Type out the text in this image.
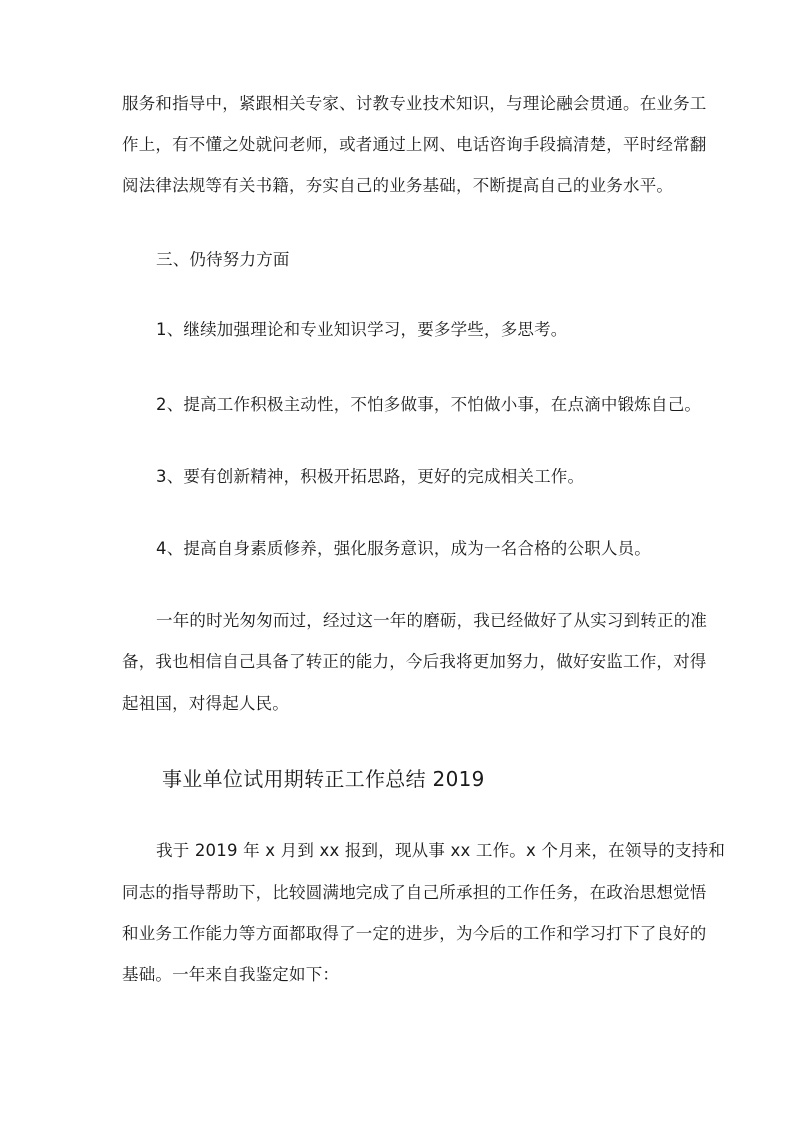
服务和指导中，紧跟相关专家、讨教专业技术知识，与理论融会贯通。在业务工
作上，有不懂之处就问老师，或者通过上网、电话咨询手段搞清楚，平时经常翻
阅法律法规等有关书籍，夯实自己的业务基础，不断提高自己的业务水平。
三、仍待努力方面
1、继续加强理论和专业知识学习，要多学些，多思考。
2、提高工作积极主动性，不怕多做事，不怕做小事，在点滴中锻炼自己。
3、要有创新精神，积极开拓思路，更好的完成相关工作。
4、提高自身素质修养，强化服务意识，成为一名合格的公职人员。
一年的时光匆匆而过，经过这一年的磨砺，我已经做好了从实习到转正的准
备，我也相信自己具备了转正的能力，今后我将更加努力，做好安监工作，对得
起祖国，对得起人民。
事业单位试用期转正工作总结 2019
我于 2019 年 x 月到 xx 报到，现从事 xx 工作。x 个月来，在领导的支持和
同志的指导帮助下，比较圆满地完成了自己所承担的工作任务，在政治思想觉悟
和业务工作能力等方面都取得了一定的进步，为今后的工作和学习打下了良好的
基础。一年来自我鉴定如下：
